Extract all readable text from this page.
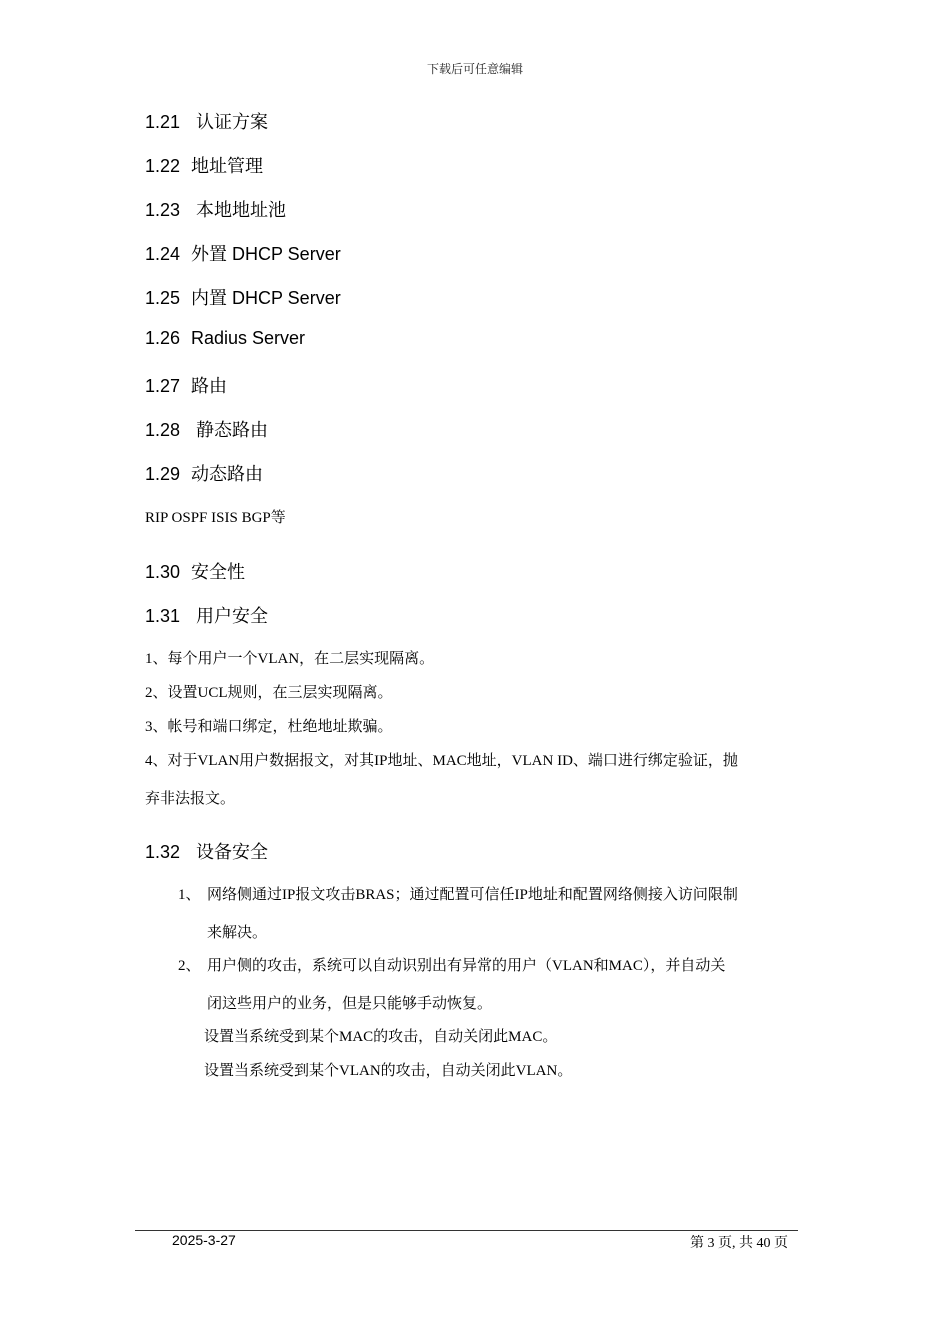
下载后可任意编辑
1.21 认证方案
1.22 地址管理
1.23 本地地址池
1.24 外置 DHCP Server
1.25 内置 DHCP Server
1.26 Radius Server
1.27 路由
1.28 静态路由
1.29 动态路由
RIP OSPF ISIS BGP等
1.30 安全性
1.31 用户安全
1、每个用户一个VLAN，在二层实现隔离。
2、设置UCL规则，在三层实现隔离。
3、帐号和端口绑定，杜绝地址欺骗。
4、对于VLAN用户数据报文，对其IP地址、MAC地址，VLAN ID、端口进行绑定验证，抛
弃非法报文。
1.32 设备安全
1、 网络侧通过IP报文攻击BRAS；通过配置可信任IP地址和配置网络侧接入访问限制
来解决。
2、 用户侧的攻击，系统可以自动识别出有异常的用户（VLAN和MAC），并自动关
闭这些用户的业务，但是只能够手动恢复。
设置当系统受到某个MAC的攻击，自动关闭此MAC。
设置当系统受到某个VLAN的攻击，自动关闭此VLAN。
2025-3-27	第 3 页, 共 40 页
